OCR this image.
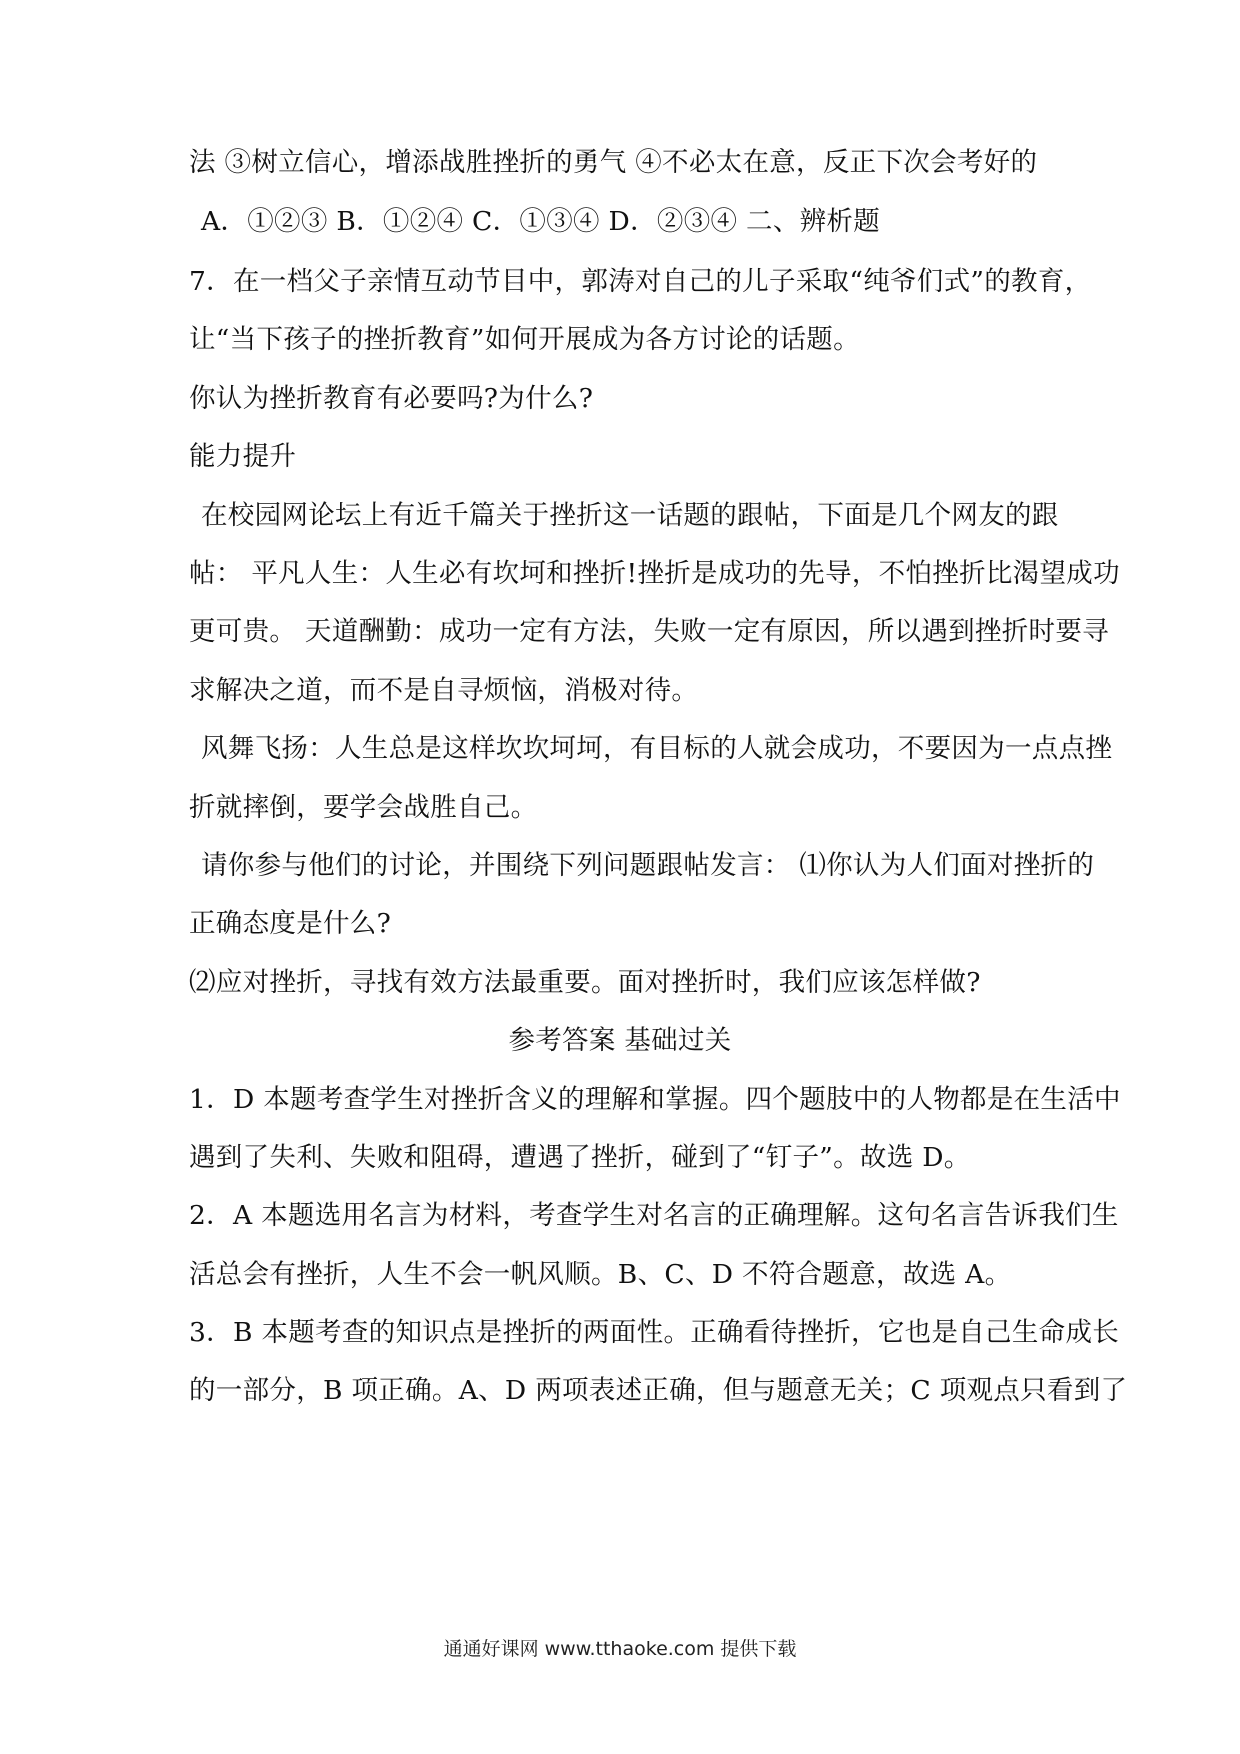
法 ③树立信心，增添战胜挫折的勇气 ④不必太在意，反正下次会考好的
A．①②③ B．①②④ C．①③④ D．②③④ 二、辨析题
7．在一档父子亲情互动节目中，郭涛对自己的儿子采取“纯爷们式”的教育，
让“当下孩子的挫折教育”如何开展成为各方讨论的话题。
你认为挫折教育有必要吗?为什么?
能力提升
在校园网论坛上有近千篇关于挫折这一话题的跟帖，下面是几个网友的跟
帖： 平凡人生：人生必有坎坷和挫折!挫折是成功的先导，不怕挫折比渴望成功
更可贵。 天道酬勤：成功一定有方法，失败一定有原因，所以遇到挫折时要寻
求解决之道，而不是自寻烦恼，消极对待。
风舞飞扬：人生总是这样坎坎坷坷，有目标的人就会成功，不要因为一点点挫
折就摔倒，要学会战胜自己。
请你参与他们的讨论，并围绕下列问题跟帖发言： ⑴你认为人们面对挫折的
正确态度是什么?
⑵应对挫折，寻找有效方法最重要。面对挫折时，我们应该怎样做?
参考答案 基础过关
1．D 本题考查学生对挫折含义的理解和掌握。四个题肢中的人物都是在生活中
遇到了失利、失败和阻碍，遭遇了挫折，碰到了“钉子”。故选 D。
2．A 本题选用名言为材料，考查学生对名言的正确理解。这句名言告诉我们生
活总会有挫折，人生不会一帆风顺。B、C、D 不符合题意，故选 A。
3．B 本题考查的知识点是挫折的两面性。正确看待挫折，它也是自己生命成长
的一部分，B 项正确。A、D 两项表述正确，但与题意无关；C 项观点只看到了
通通好课网 www.tthaoke.com 提供下载
